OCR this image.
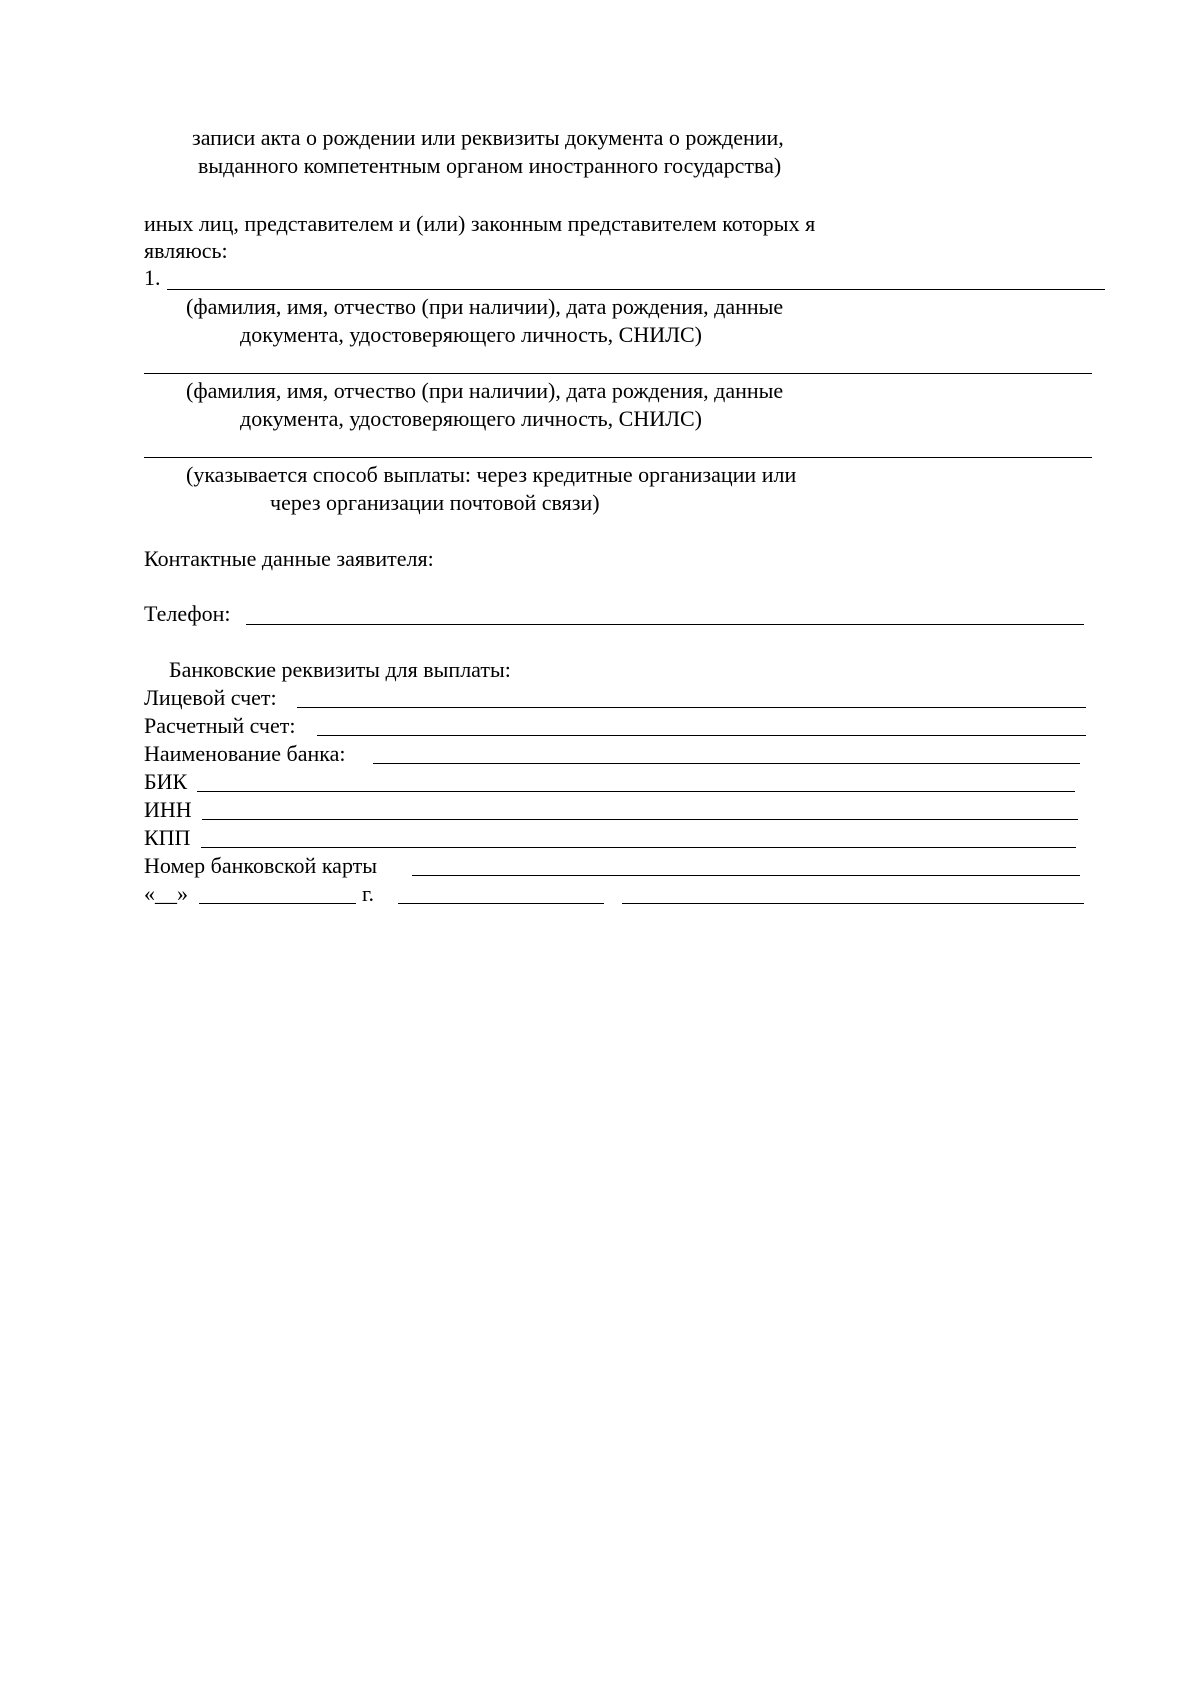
записи акта о рождении или реквизиты документа о рождении,
выданного компетентным органом иностранного государства)
иных лиц, представителем и (или) законным представителем которых я
являюсь:
1.
(фамилия, имя, отчество (при наличии), дата рождения, данные
документа, удостоверяющего личность, СНИЛС)
(фамилия, имя, отчество (при наличии), дата рождения, данные
документа, удостоверяющего личность, СНИЛС)
(указывается способ выплаты: через кредитные организации или
через организации почтовой связи)
Контактные данные заявителя:
Телефон:
Банковские реквизиты для выплаты:
Лицевой счет:
Расчетный счет:
Наименование банка:
БИК
ИНН
КПП
Номер банковской карты
«__»	г.
